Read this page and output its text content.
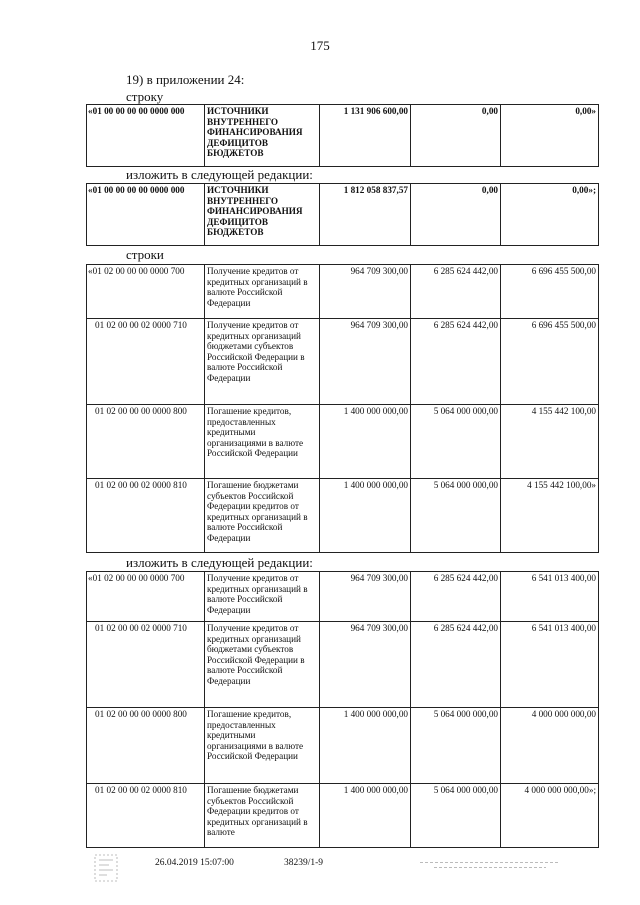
175
19) в приложении 24:
строку
«01 00 00 00 00 0000 000	ИСТОЧНИКИ ВНУТРЕННЕГО ФИНАНСИРОВАНИЯ ДЕФИЦИТОВ БЮДЖЕТОВ	1 131 906 600,00	0,00	0,00»
изложить в следующей редакции:
«01 00 00 00 00 0000 000	ИСТОЧНИКИ ВНУТРЕННЕГО ФИНАНСИРОВАНИЯ ДЕФИЦИТОВ БЮДЖЕТОВ	1 812 058 837,57	0,00	0,00»;
строки
«01 02 00 00 00 0000 700	Получение кредитов от кредитных организаций в валюте Российской Федерации	964 709 300,00	6 285 624 442,00	6 696 455 500,00
01 02 00 00 02 0000 710	Получение кредитов от кредитных организаций бюджетами субъектов Российской Федерации в валюте Российской Федерации	964 709 300,00	6 285 624 442,00	6 696 455 500,00
01 02 00 00 00 0000 800	Погашение кредитов, предоставленных кредитными организациями в валюте Российской Федерации	1 400 000 000,00	5 064 000 000,00	4 155 442 100,00
01 02 00 00 02 0000 810	Погашение бюджетами субъектов Российской Федерации кредитов от кредитных организаций в валюте Российской Федерации	1 400 000 000,00	5 064 000 000,00	4 155 442 100,00»
изложить в следующей редакции:
«01 02 00 00 00 0000 700	Получение кредитов от кредитных организаций в валюте Российской Федерации	964 709 300,00	6 285 624 442,00	6 541 013 400,00
01 02 00 00 02 0000 710	Получение кредитов от кредитных организаций бюджетами субъектов Российской Федерации в валюте Российской Федерации	964 709 300,00	6 285 624 442,00	6 541 013 400,00
01 02 00 00 00 0000 800	Погашение кредитов, предоставленных кредитными организациями в валюте Российской Федерации	1 400 000 000,00	5 064 000 000,00	4 000 000 000,00
01 02 00 00 02 0000 810	Погашение бюджетами субъектов Российской Федерации кредитов от кредитных организаций в валюте	1 400 000 000,00	5 064 000 000,00	4 000 000 000,00»;
26.04.2019 15:07:00	38239/1-9
